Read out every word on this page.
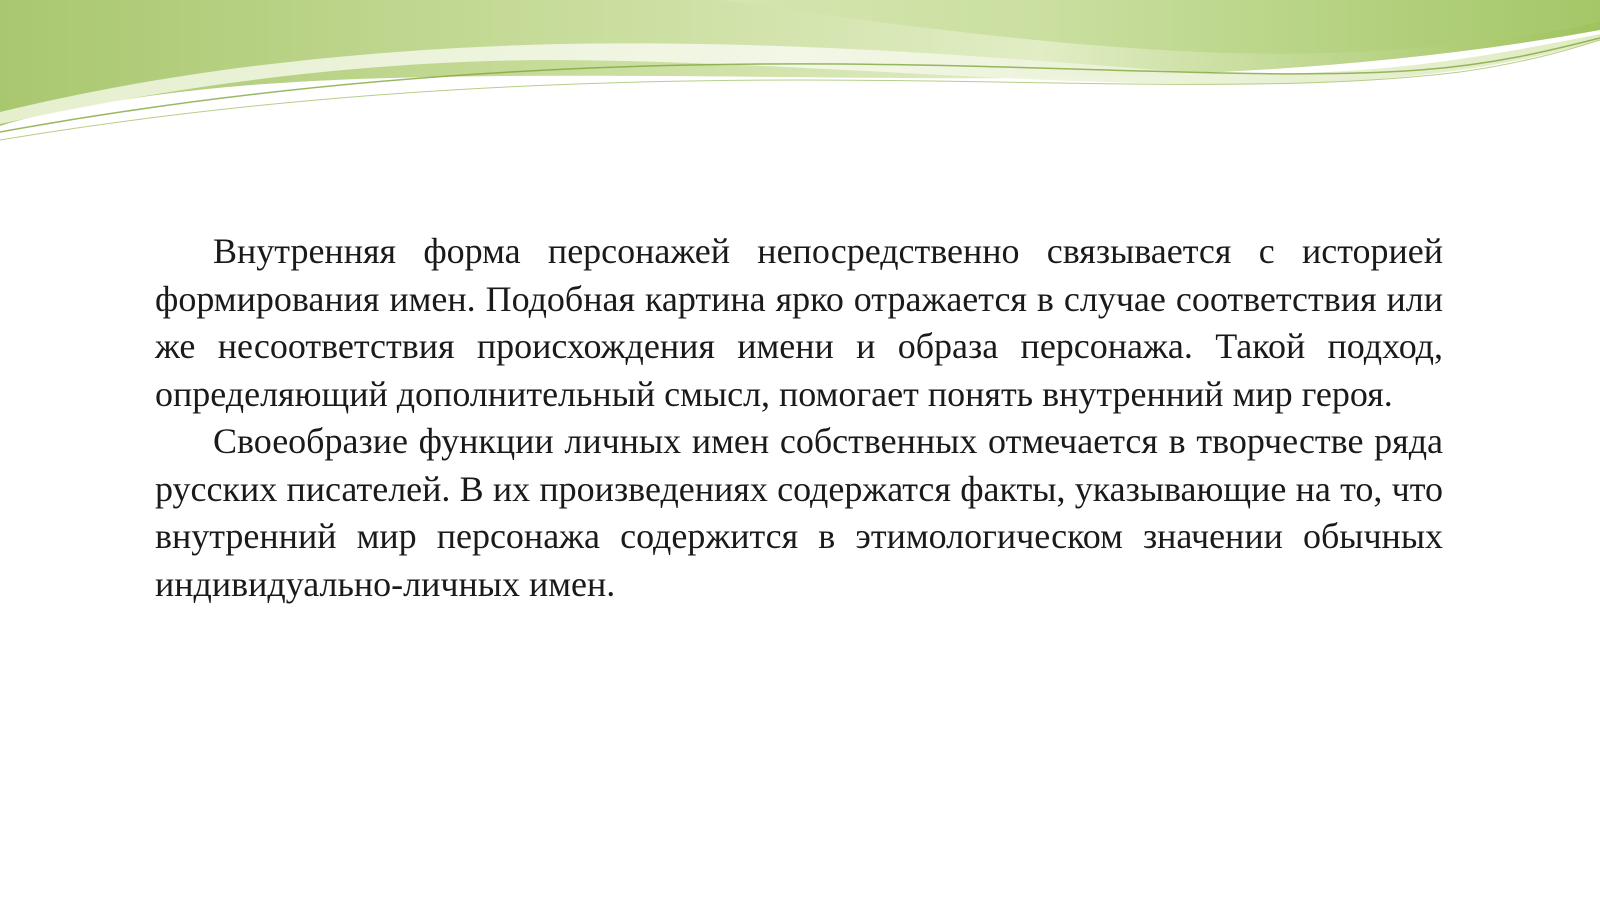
Внутренняя форма персонажей непосредственно связывается с историей формирования имен. Подобная картина ярко отражается в случае соответствия или же несоответствия происхождения имени и образа персонажа. Такой подход, определяющий дополнительный смысл, помогает понять внутренний мир героя.

Своеобразие функции личных имен собственных отмечается в творчестве ряда русских писателей. В их произведениях содержатся факты, указывающие на то, что внутренний мир персонажа содержится в этимологическом значении обычных индивидуально-личных имен.
